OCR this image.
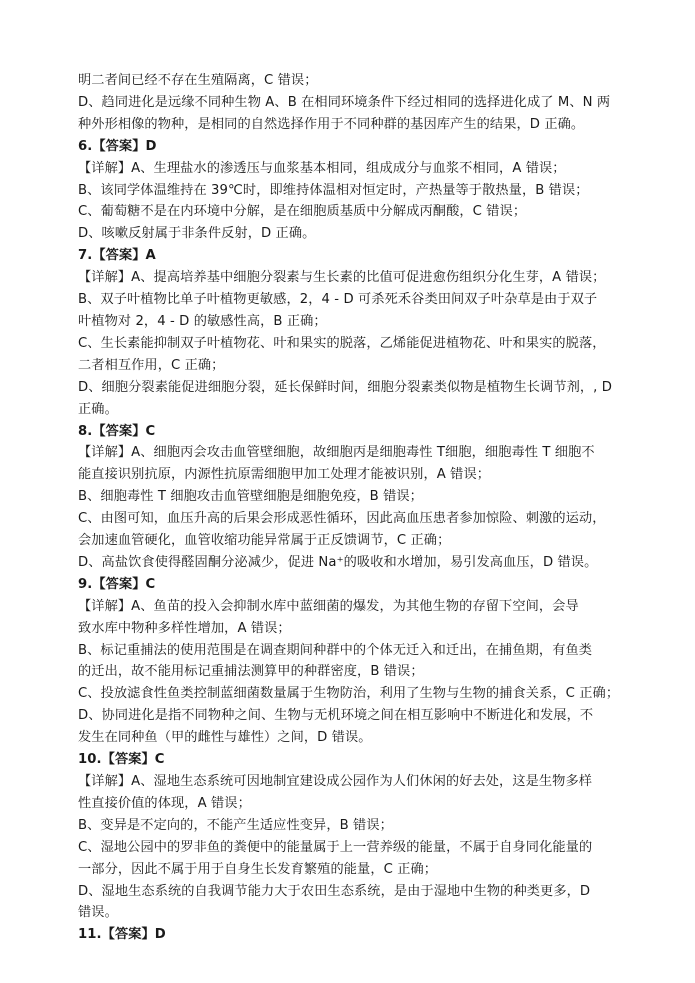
明二者间已经不存在生殖隔离，C 错误；
D、趋同进化是远缘不同种生物 A、B 在相同环境条件下经过相同的选择进化成了 M、N 两
种外形相像的物种，是相同的自然选择作用于不同种群的基因库产生的结果，D 正确。
6.【答案】D
【详解】A、生理盐水的渗透压与血浆基本相同，组成成分与血浆不相同，A 错误；
B、该同学体温维持在 39℃时，即维持体温相对恒定时，产热量等于散热量，B 错误；
C、葡萄糖不是在内环境中分解，是在细胞质基质中分解成丙酮酸，C 错误；
D、咳嗽反射属于非条件反射，D 正确。
7.【答案】A
【详解】A、提高培养基中细胞分裂素与生长素的比值可促进愈伤组织分化生芽，A 错误；
B、双子叶植物比单子叶植物更敏感，2，4 - D 可杀死禾谷类田间双子叶杂草是由于双子
叶植物对 2，4 - D 的敏感性高，B 正确；
C、生长素能抑制双子叶植物花、叶和果实的脱落，乙烯能促进植物花、叶和果实的脱落，
二者相互作用，C 正确；
D、细胞分裂素能促进细胞分裂，延长保鲜时间，细胞分裂素类似物是植物生长调节剂，, D
正确。
8.【答案】C
【详解】A、细胞丙会攻击血管壁细胞，故细胞丙是细胞毒性 T细胞，细胞毒性 T 细胞不
能直接识别抗原，内源性抗原需细胞甲加工处理才能被识别，A 错误；
B、细胞毒性 T 细胞攻击血管壁细胞是细胞免疫，B 错误；
C、由图可知，血压升高的后果会形成恶性循环，因此高血压患者参加惊险、刺激的运动，
会加速血管硬化，血管收缩功能异常属于正反馈调节，C 正确；
D、高盐饮食使得醛固酮分泌减少，促进 Na⁺的吸收和水增加，易引发高血压，D 错误。
9.【答案】C
【详解】A、鱼苗的投入会抑制水库中蓝细菌的爆发，为其他生物的存留下空间，会导
致水库中物种多样性增加，A 错误；
B、标记重捕法的使用范围是在调查期间种群中的个体无迁入和迁出，在捕鱼期，有鱼类
的迁出，故不能用标记重捕法测算甲的种群密度，B 错误；
C、投放滤食性鱼类控制蓝细菌数量属于生物防治，利用了生物与生物的捕食关系，C 正确；
D、协同进化是指不同物种之间、生物与无机环境之间在相互影响中不断进化和发展，不
发生在同种鱼（甲的雌性与雄性）之间，D 错误。
10.【答案】C
【详解】A、湿地生态系统可因地制宜建设成公园作为人们休闲的好去处，这是生物多样
性直接价值的体现，A 错误；
B、变异是不定向的，不能产生适应性变异，B 错误；
C、湿地公园中的罗非鱼的粪便中的能量属于上一营养级的能量，不属于自身同化能量的
一部分，因此不属于用于自身生长发育繁殖的能量，C 正确；
D、湿地生态系统的自我调节能力大于农田生态系统，是由于湿地中生物的种类更多，D
错误。
11.【答案】D
